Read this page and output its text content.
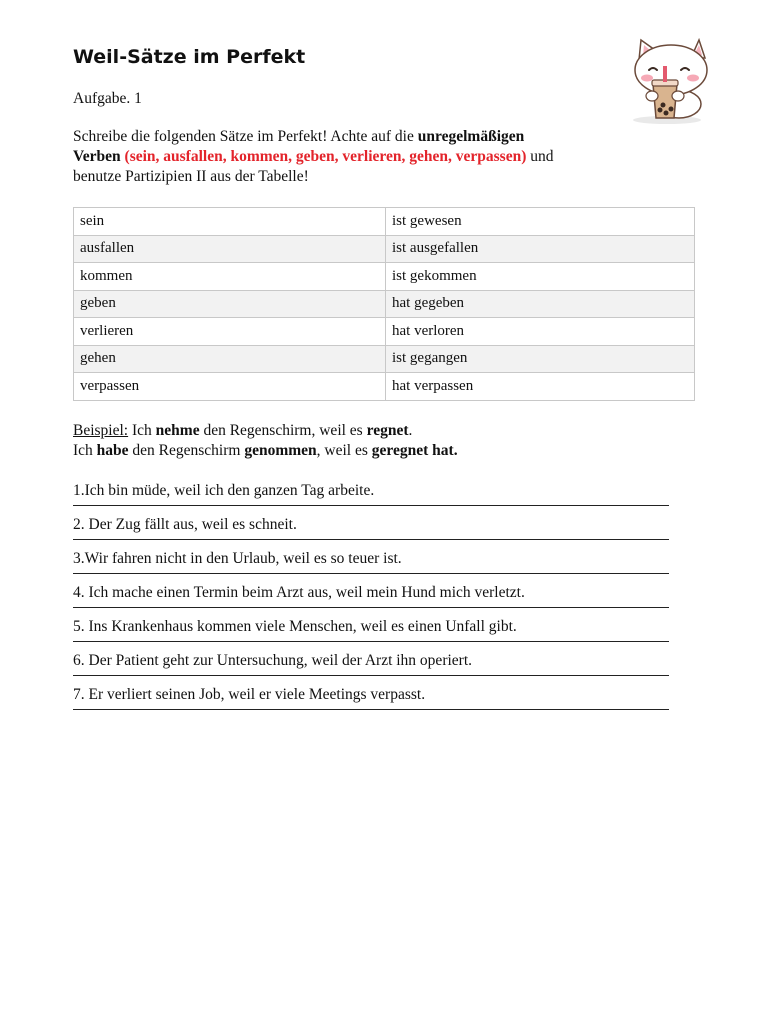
Weil-Sätze im Perfekt
Aufgabe. 1
Schreibe die folgenden Sätze im Perfekt! Achte auf die unregelmäßigen
Verben (sein, ausfallen, kommen, geben, verlieren, gehen, verpassen) und
benutze Partizipien II aus der Tabelle!
sein	ist gewesen
ausfallen	ist ausgefallen
kommen	ist gekommen
geben	hat gegeben
verlieren	hat verloren
gehen	ist gegangen
verpassen	hat verpassen
Beispiel: Ich nehme den Regenschirm, weil es regnet.
Ich habe den Regenschirm genommen, weil es geregnet hat.
1.Ich bin müde, weil ich den ganzen Tag arbeite.
2. Der Zug fällt aus, weil es schneit.
3.Wir fahren nicht in den Urlaub, weil es so teuer ist.
4. Ich mache einen Termin beim Arzt aus, weil mein Hund mich verletzt.
5. Ins Krankenhaus kommen viele Menschen, weil es einen Unfall gibt.
6. Der Patient geht zur Untersuchung, weil der Arzt ihn operiert.
7. Er verliert seinen Job, weil er viele Meetings verpasst.
